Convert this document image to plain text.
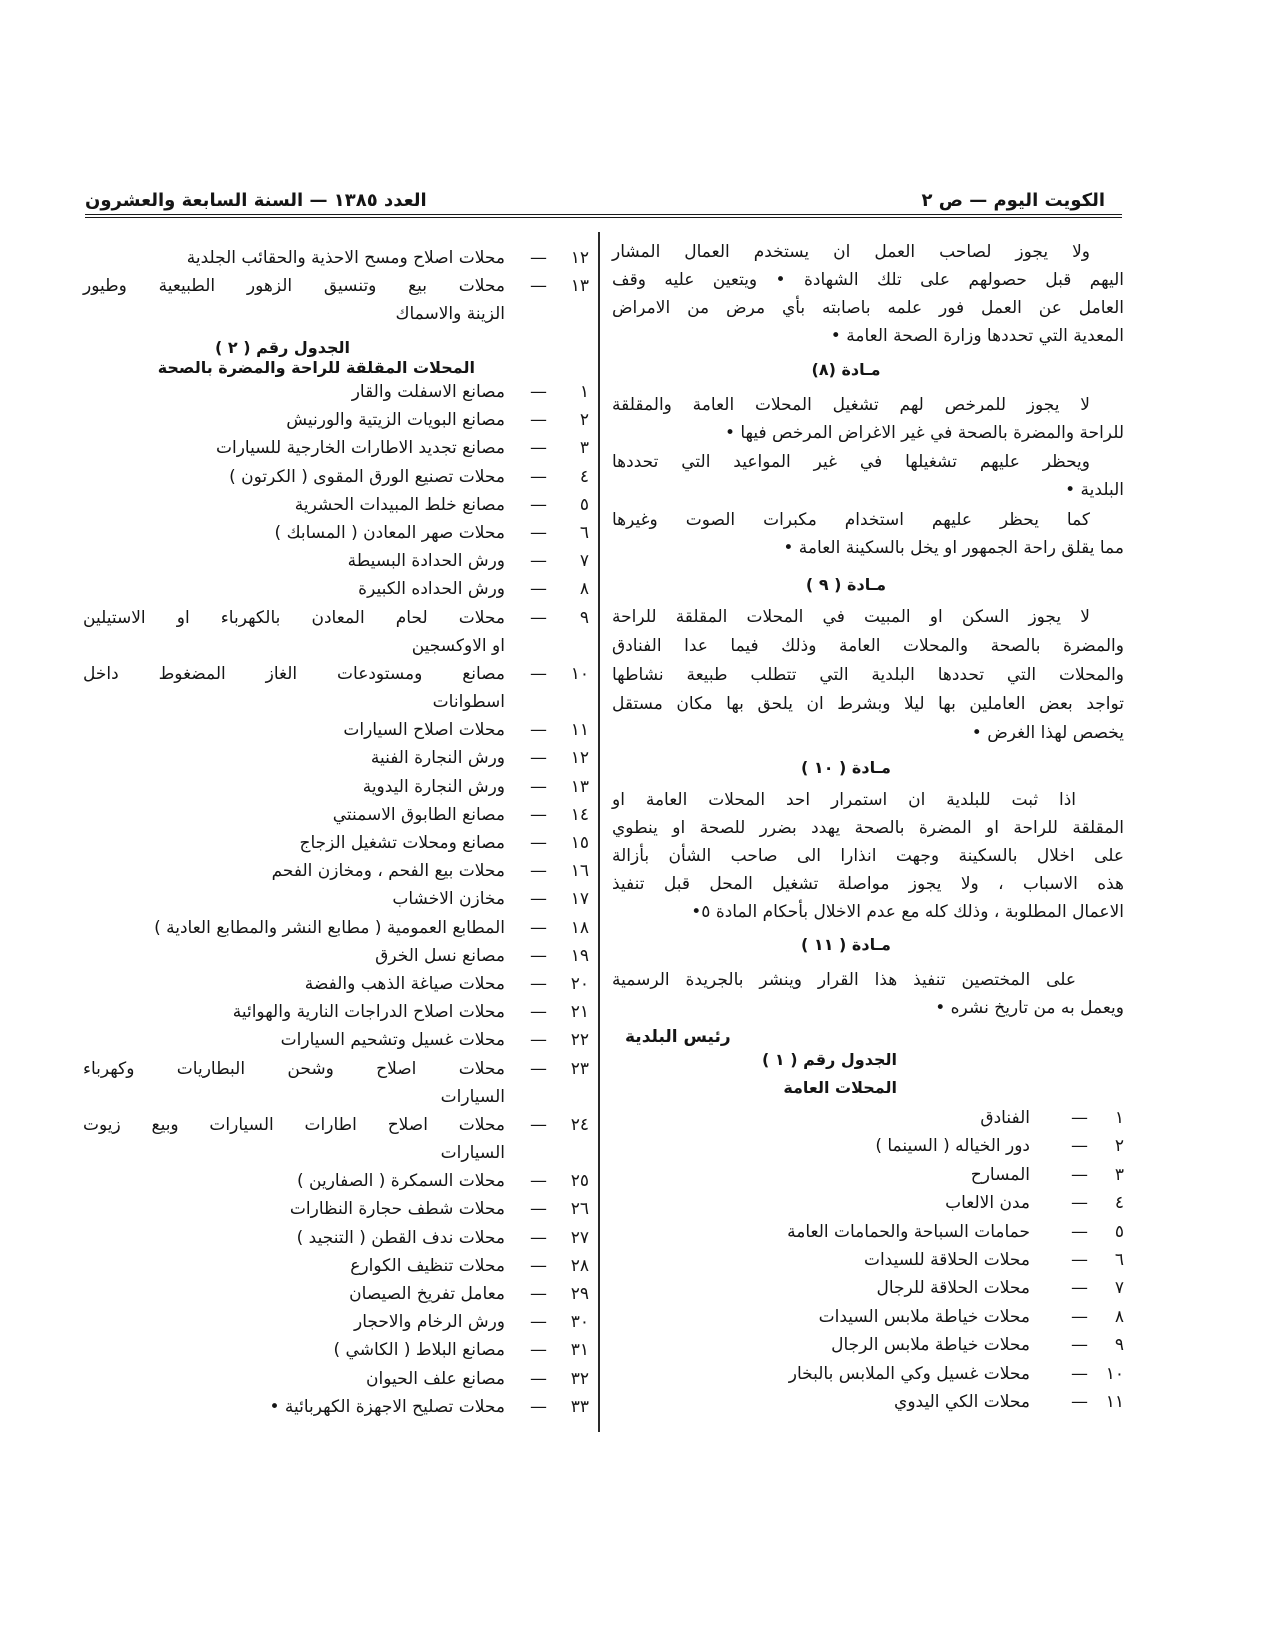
الكويت اليوم — ص ٢
العدد ١٣٨٥ — السنة السابعة والعشرون
ولا يجوز لصاحب العمل ان يستخدم العمال المشار
اليهم قبل حصولهم على تلك الشهادة • ويتعين عليه وقف
العامل عن العمل فور علمه باصابته بأي مرض من الامراض
المعدية التي تحددها وزارة الصحة العامة •
مـادة (٨)
لا يجوز للمرخص لهم تشغيل المحلات العامة والمقلقة
للراحة والمضرة بالصحة في غير الاغراض المرخص فيها •
ويحظر عليهم تشغيلها في غير المواعيد التي تحددها
البلدية •
كما يحظر عليهم استخدام مكبرات الصوت وغيرها
مما يقلق راحة الجمهور او يخل بالسكينة العامة •
مـادة ( ٩ )
لا يجوز السكن او المبيت في المحلات المقلقة للراحة
والمضرة بالصحة والمحلات العامة وذلك فيما عدا الفنادق
والمحلات التي تحددها البلدية التي تتطلب طبيعة نشاطها
تواجد بعض العاملين بها ليلا وبشرط ان يلحق بها مكان مستقل
يخصص لهذا الغرض •
مـادة ( ١٠ )
اذا ثبت للبلدية ان استمرار احد المحلات العامة او
المقلقة للراحة او المضرة بالصحة يهدد بضرر للصحة او ينطوي
على اخلال بالسكينة وجهت انذارا الى صاحب الشأن بأزالة
هذه الاسباب ، ولا يجوز مواصلة تشغيل المحل قبل تنفيذ
الاعمال المطلوبة ، وذلك كله مع عدم الاخلال بأحكام المادة ٥•
مـادة ( ١١ )
على المختصين تنفيذ هذا القرار وينشر بالجريدة الرسمية
ويعمل به من تاريخ نشره •
رئيس البلدية
الجدول رقم ( ١ )
المحلات العامة
١
—
الفنادق
٢
—
دور الخياله ( السينما )
٣
—
المسارح
٤
—
مدن الالعاب
٥
—
حمامات السباحة والحمامات العامة
٦
—
محلات الحلاقة للسيدات
٧
—
محلات الحلاقة للرجال
٨
—
محلات خياطة ملابس السيدات
٩
—
محلات خياطة ملابس الرجال
١٠
—
محلات غسيل وكي الملابس بالبخار
١١
—
محلات الكي اليدوي
١٢
—
محلات اصلاح ومسح الاحذية والحقائب الجلدية
١٣
—
محلات بيع وتنسيق الزهور الطبيعية وطيور
الزينة والاسماك
الجدول رقم ( ٢ )
المحلات المقلقة للراحة والمضرة بالصحة
١
—
مصانع الاسفلت والقار
٢
—
مصانع البويات الزيتية والورنيش
٣
—
مصانع تجديد الاطارات الخارجية للسيارات
٤
—
محلات تصنيع الورق المقوى ( الكرتون )
٥
—
مصانع خلط المبيدات الحشرية
٦
—
محلات صهر المعادن ( المسابك )
٧
—
ورش الحدادة البسيطة
٨
—
ورش الحداده الكبيرة
٩
—
محلات لحام المعادن بالكهرباء او الاستيلين
او الاوكسجين
١٠
—
مصانع ومستودعات الغاز المضغوط داخل
اسطوانات
١١
—
محلات اصلاح السيارات
١٢
—
ورش النجارة الفنية
١٣
—
ورش النجارة اليدوية
١٤
—
مصانع الطابوق الاسمنتي
١٥
—
مصانع ومحلات تشغيل الزجاج
١٦
—
محلات بيع الفحم ، ومخازن الفحم
١٧
—
مخازن الاخشاب
١٨
—
المطابع العمومية ( مطابع النشر والمطابع العادية )
١٩
—
مصانع نسل الخرق
٢٠
—
محلات صياغة الذهب والفضة
٢١
—
محلات اصلاح الدراجات النارية والهوائية
٢٢
—
محلات غسيل وتشحيم السيارات
٢٣
—
محلات اصلاح وشحن البطاريات وكهرباء
السيارات
٢٤
—
محلات اصلاح اطارات السيارات وبيع زيوت
السيارات
٢٥
—
محلات السمكرة ( الصفارين )
٢٦
—
محلات شطف حجارة النظارات
٢٧
—
محلات ندف القطن ( التنجيد )
٢٨
—
محلات تنظيف الكوارع
٢٩
—
معامل تفريخ الصيصان
٣٠
—
ورش الرخام والاحجار
٣١
—
مصانع البلاط ( الكاشي )
٣٢
—
مصانع علف الحيوان
٣٣
—
محلات تصليح الاجهزة الكهربائية •
